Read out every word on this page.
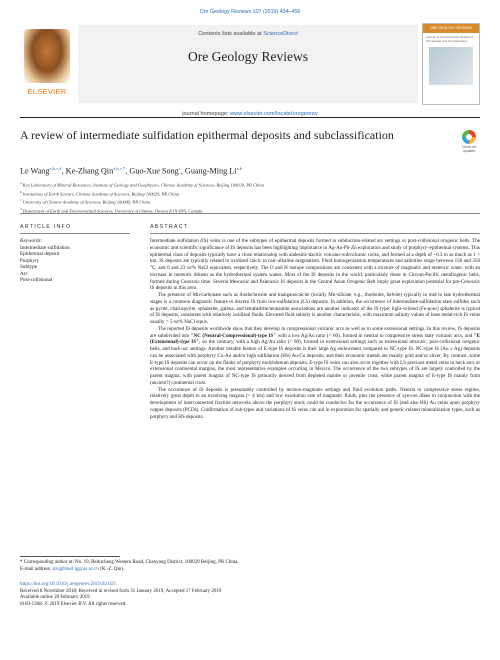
Ore Geology Reviews 107 (2019) 434–456
ELSEVIER
Contents lists available at ScienceDirect
Ore Geology Reviews
ORE GEOLOGY REVIEWS
Journal for Comprehensive Studies of Ore Genesis and Ore Exploration
journal homepage: www.elsevier.com/locate/oregeorev
A review of intermediate sulfidation epithermal deposits and subclassification
Check for updates
Le Wang$^{a,b,c,d}$, Ke-Zhang Qin$^{a,b,c,*}$, Guo-Xue Song$^c$, Guang-Ming Li$^{a,b}$
$^a$ Key Laboratory of Mineral Resources, Institute of Geology and Geophysics, Chinese Academy of Sciences, Beijing 100029, PR China
$^b$ Institutions of Earth Science, Chinese Academy of Sciences, Beijing 100029, PR China
$^c$ University of Chinese Academy of Sciences, Beijing 100049, PR China
$^d$ Department of Earth and Environmental Sciences, University of Ottawa, Ottawa K1N 6N5, Canada
ARTICLE INFO	ABSTRACT
Keywords:
Intermediate sulfidation
Epithermal deposit
Porphyry
Subtype
Arc
Post-collisional

Intermediate sulfidation (IS) veins is one of the subtypes of epithermal deposits formed in subduction-related arc settings or post-collisional orogenic belts. The economic and scientific significance of IS deposits has been highlighting importance in Ag-Au-Pb-Zn exploration and study of porphyry–epithermal systems. This epithermal class of deposits typically have a close relationship with andesitic-dacitic volcanic-subvolcanic rocks, and formed at a depth of ~0.3 to as much as 1 + km. IS deposits are typically related to oxidized calcic to calc-alkaline magmatism. Fluid homogenization temperatures and salinities range between 150 and 350 °C, and 0 and 23 wt% NaCl equivalent, respectively. The O and H isotope compositions are consistent with a mixture of magmatic and meteoric water, with an increase in meteoric diluent as the hydrothermal system wanes. Most of the IS deposits in the world, particularly those in Circum-Pacific metallogenic belts, formed during Cenozoic time. Several Mesozoic and Paleozoic IS deposits in the Central Asian Orogenic Belt imply great exploration potential for pre-Cenozoic IS deposits in this area.

The presence of Mn-carbonate such as rhodochrosite and manganocalcite (locally Mn-silicate, e.g., rhodonite, helvite) typically in mid to late hydrothermal stages is a common diagnostic feature to discern IS from low-sulfidation (LS) deposits. In addition, the occurrence of intermediate-sulfidation state sulfides such as pyrite, chalcopyrite, sphalerite, galena, and tetrahedrite/tennantite associations are another indicator of the IS type; light-colored (Fe-poor) sphalerite is typical of IS deposits, consistent with relatively oxidized fluids. Elevated fluid salinity is another characteristic, with maximum salinity values of base metal-rich IS veins usually > 5 wt% NaCl equiv.

The reported IS deposits worldwide show that they develop in compressional volcanic arcs as well as in some extensional settings. In this review, IS deposits are subdivided into "NC (Neutral-Compressional)-type IS" with a low Ag/Au ratio (< 60), formed in neutral to compressive stress state volcanic arcs, and "E (Extensional)-type IS", on the contrary, with a high Ag/Au ratio (> 60), formed in extensional settings such as extensional intra-arc, post-collisional orogenic belts, and back-arc settings. Another notable feature of E-type IS deposits is their large Ag endowment compared to NC-type IS. NC-type IS (Au ± Ag) deposits can be associated with porphyry Cu-Au and/or high sulfidation (HS) Au-Cu deposits, and their economic metals are mainly gold and/or silver. By contrast, some E-type IS deposits can occur on the flanks of porphyry molybdenum deposits; E-type IS veins can also occur together with LS precious metal veins in back arcs or extensional continental margins, the most representative examples occurring in Mexico. The occurrence of the two subtypes of IS are largely controlled by the parent magma, with parent magma of NC-type IS primarily derived from depleted mantle or juvenile crust, while parent magma of E-type IS mainly from (ancient?) continental crust.

The occurrence of IS deposits is presumably controlled by tectono-magmatic settings and fluid evolution paths. Neutral to compressive stress regime, relatively great depth to an exsolving magma (> 4 km) and low exsolution rate of magmatic fluids, plus the presence of syn-ore dikes in conjunction with the development of interconnected fracture networks above the porphyry stock could be conducive for the occurrence of IS (and also HS) Au veins upon porphyry copper deposits (PCDs). Confirmation of sub-types and variations of IS veins can aid in exploration for spatially and genetic-related mineralization types, such as porphyry and HS deposits.

* Corresponding author at: No. 19, Beitucheng Western Road, Chaoyang District, 100029 Beijing, PR China.
E-mail address: kzq@mail.iggcas.ac.cn (K.-Z. Qin).
https://doi.org/10.1016/j.oregeorev.2019.02.023
Received 8 November 2018; Received in revised form 31 January 2019; Accepted 17 February 2019
Available online 20 February 2019
0169-1368/ © 2019 Elsevier B.V. All rights reserved.
